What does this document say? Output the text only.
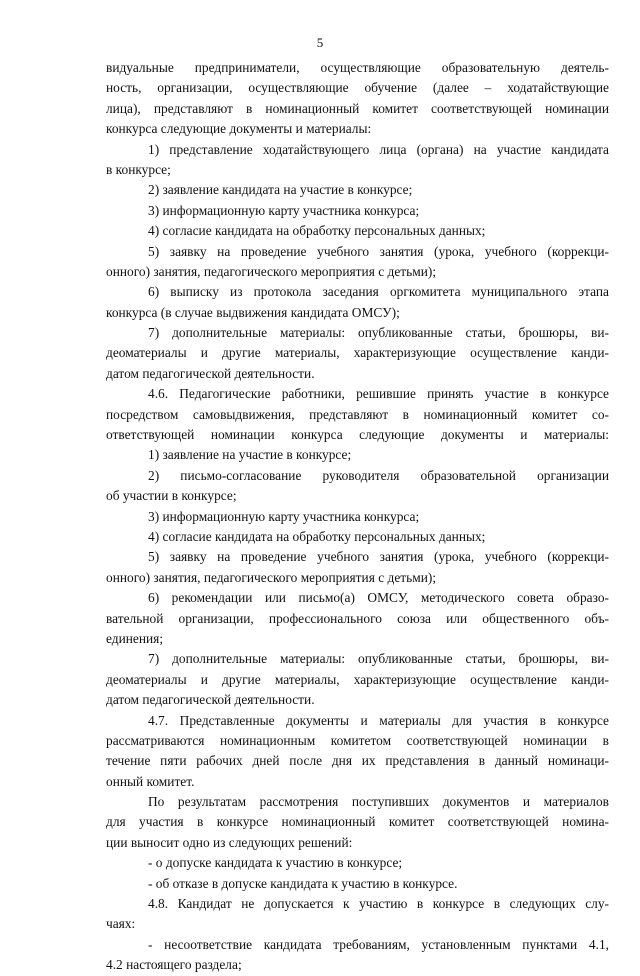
5
видуальные предприниматели, осуществляющие образовательную деятель-
ность, организации, осуществляющие обучение (далее – ходатайствующие
лица), представляют в номинационный комитет соответствующей номинации
конкурса следующие документы и материалы:
1) представление ходатайствующего лица (органа) на участие кандидата
в конкурсе;
2) заявление кандидата на участие в конкурсе;
3) информационную карту участника конкурса;
4) согласие кандидата на обработку персональных данных;
5) заявку на проведение учебного занятия (урока, учебного (коррекци-
онного) занятия, педагогического мероприятия с детьми);
6) выписку из протокола заседания оргкомитета муниципального этапа
конкурса (в случае выдвижения кандидата ОМСУ);
7) дополнительные материалы: опубликованные статьи, брошюры, ви-
деоматериалы и другие материалы, характеризующие осуществление канди-
датом педагогической деятельности.
4.6. Педагогические работники, решившие принять участие в конкурсе
посредством самовыдвижения, представляют в номинационный комитет со-
ответствующей номинации конкурса следующие документы и материалы:
1) заявление на участие в конкурсе;
2) письмо-согласование руководителя образовательной организации
об участии в конкурсе;
3) информационную карту участника конкурса;
4) согласие кандидата на обработку персональных данных;
5) заявку на проведение учебного занятия (урока, учебного (коррекци-
онного) занятия, педагогического мероприятия с детьми);
6) рекомендации или письмо(а) ОМСУ, методического совета образо-
вательной организации, профессионального союза или общественного объ-
единения;
7) дополнительные материалы: опубликованные статьи, брошюры, ви-
деоматериалы и другие материалы, характеризующие осуществление канди-
датом педагогической деятельности.
4.7. Представленные документы и материалы для участия в конкурсе
рассматриваются номинационным комитетом соответствующей номинации в
течение пяти рабочих дней после дня их представления в данный номинаци-
онный комитет.
По результатам рассмотрения поступивших документов и материалов
для участия в конкурсе номинационный комитет соответствующей номина-
ции выносит одно из следующих решений:
- о допуске кандидата к участию в конкурсе;
- об отказе в допуске кандидата к участию в конкурсе.
4.8. Кандидат не допускается к участию в конкурсе в следующих слу-
чаях:
- несоответствие кандидата требованиям, установленным пунктами 4.1,
4.2 настоящего раздела;
